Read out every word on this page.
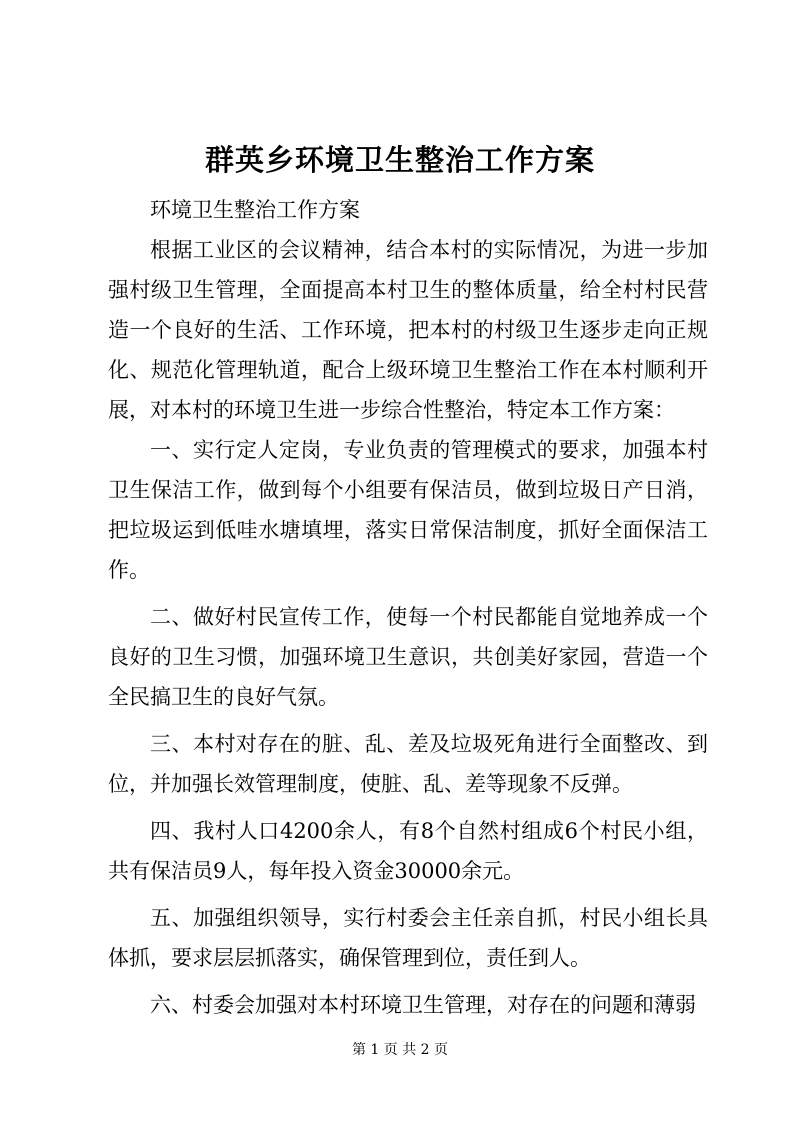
群英乡环境卫生整治工作方案

环境卫生整治工作方案

根据工业区的会议精神，结合本村的实际情况，为进一步加强村级卫生管理，全面提高本村卫生的整体质量，给全村村民营造一个良好的生活、工作环境，把本村的村级卫生逐步走向正规化、规范化管理轨道，配合上级环境卫生整治工作在本村顺利开展，对本村的环境卫生进一步综合性整治，特定本工作方案：

一、实行定人定岗，专业负责的管理模式的要求，加强本村卫生保洁工作，做到每个小组要有保洁员，做到垃圾日产日消，把垃圾运到低哇水塘填埋，落实日常保洁制度，抓好全面保洁工作。

二、做好村民宣传工作，使每一个村民都能自觉地养成一个良好的卫生习惯，加强环境卫生意识，共创美好家园，营造一个全民搞卫生的良好气氛。

三、本村对存在的脏、乱、差及垃圾死角进行全面整改、到位，并加强长效管理制度，使脏、乱、差等现象不反弹。

四、我村人口4200余人，有8个自然村组成6个村民小组，共有保洁员9人，每年投入资金30000余元。

五、加强组织领导，实行村委会主任亲自抓，村民小组长具体抓，要求层层抓落实，确保管理到位，责任到人。

六、村委会加强对本村环境卫生管理，对存在的问题和薄弱

第 1 页 共 2 页
